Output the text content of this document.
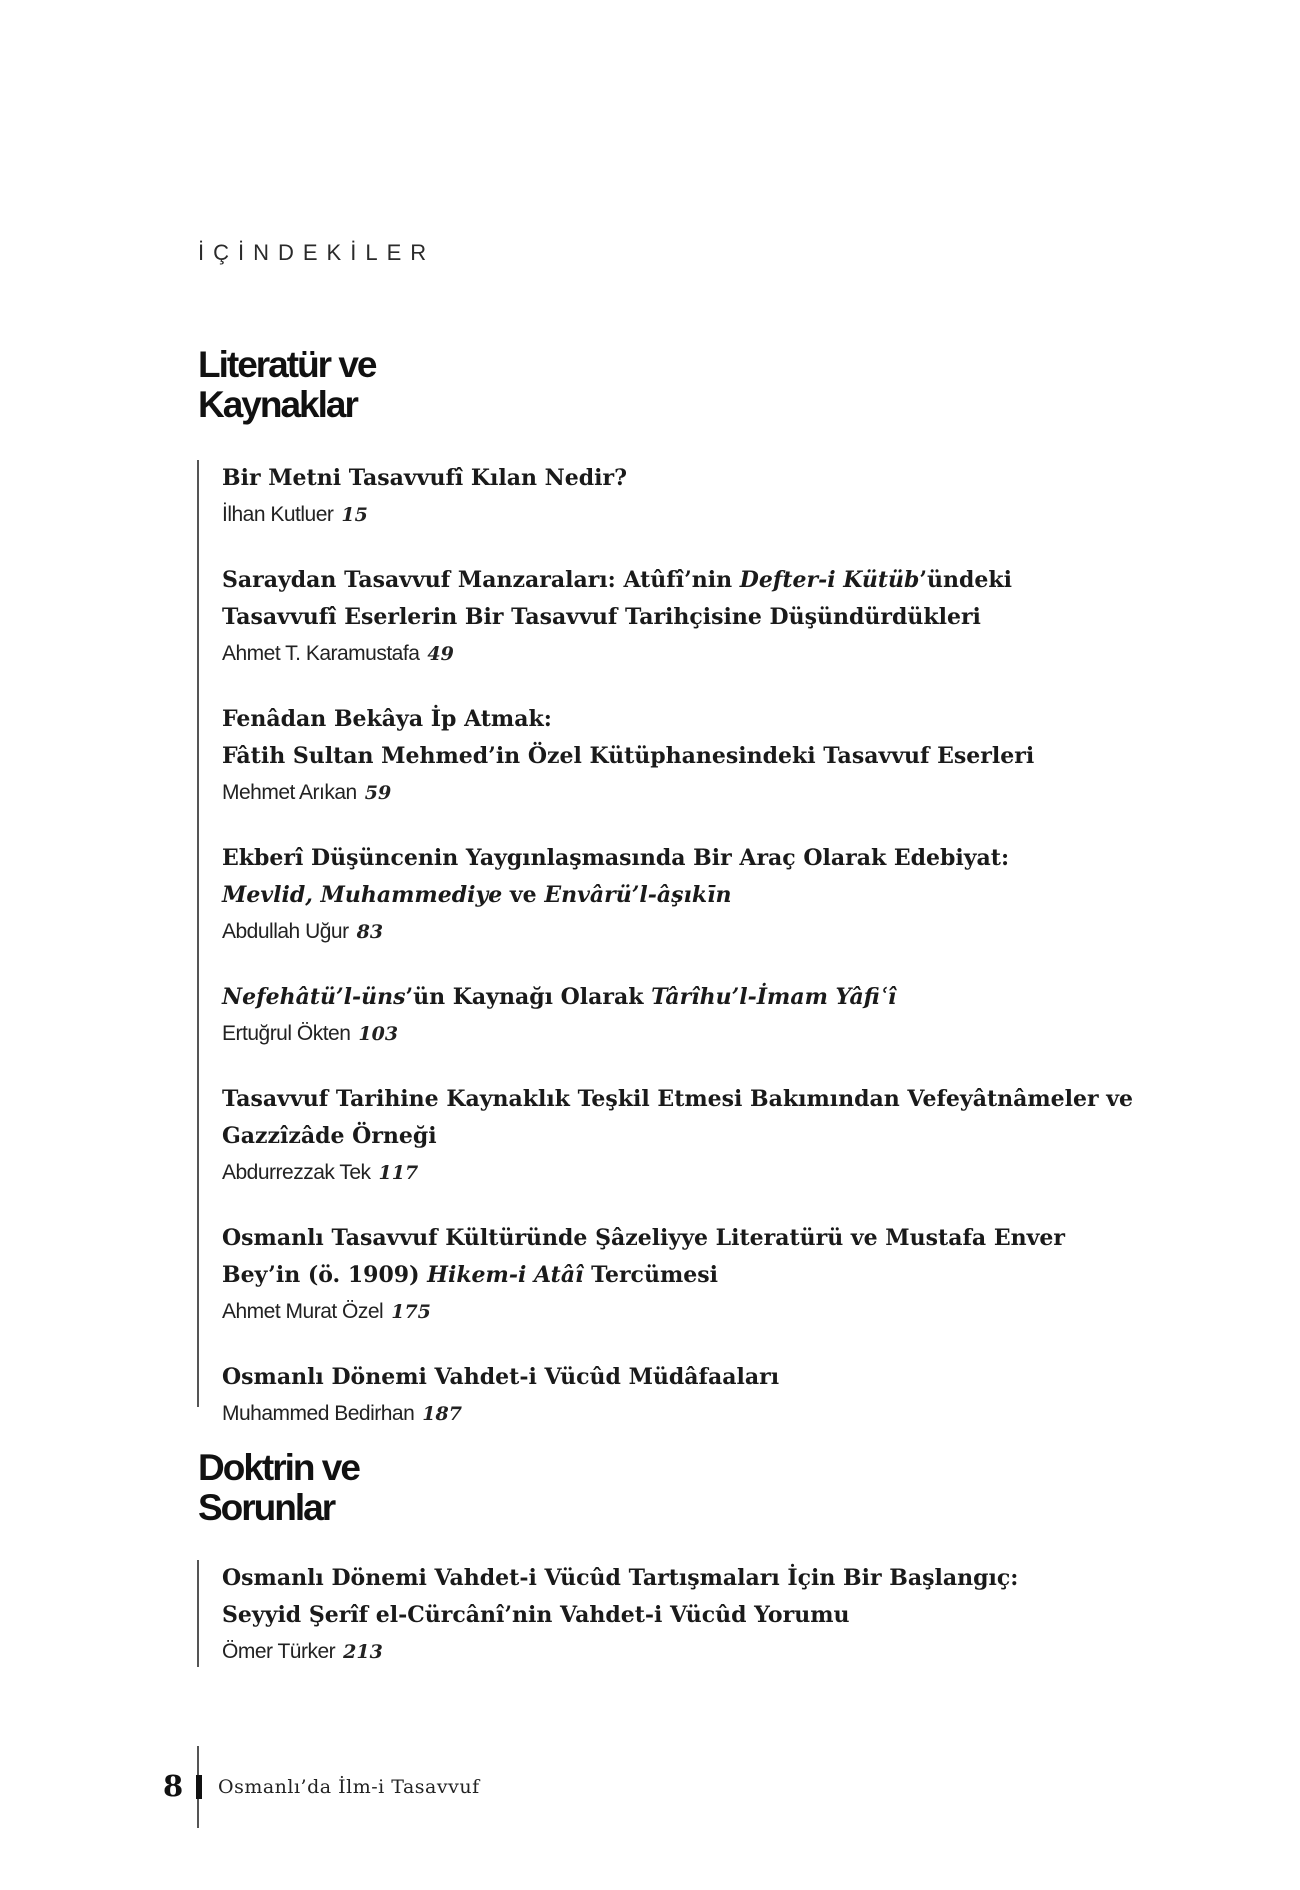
İÇİNDEKİLER
Literatür ve
Kaynaklar
Bir Metni Tasavvufî Kılan Nedir?
İlhan Kutluer 15
Saraydan Tasavvuf Manzaraları: Atûfî’nin Defter-i Kütüb’ündeki
Tasavvufî Eserlerin Bir Tasavvuf Tarihçisine Düşündürdükleri
Ahmet T. Karamustafa 49
Fenâdan Bekâya İp Atmak:
Fâtih Sultan Mehmed’in Özel Kütüphanesindeki Tasavvuf Eserleri
Mehmet Arıkan 59
Ekberî Düşüncenin Yaygınlaşmasında Bir Araç Olarak Edebiyat:
Mevlid, Muhammediye ve Envârü’l-âşıkīn
Abdullah Uğur 83
Nefehâtü’l-üns’ün Kaynağı Olarak Târîhu’l-İmam Yâfiʿî
Ertuğrul Ökten 103
Tasavvuf Tarihine Kaynaklık Teşkil Etmesi Bakımından Vefeyâtnâmeler ve
Gazzîzâde Örneği
Abdurrezzak Tek 117
Osmanlı Tasavvuf Kültüründe Şâzeliyye Literatürü ve Mustafa Enver
Bey’in (ö. 1909) Hikem-i Atâî Tercümesi
Ahmet Murat Özel 175
Osmanlı Dönemi Vahdet-i Vücûd Müdâfaaları
Muhammed Bedirhan 187
Doktrin ve
Sorunlar
Osmanlı Dönemi Vahdet-i Vücûd Tartışmaları İçin Bir Başlangıç:
Seyyid Şerîf el-Cürcânî’nin Vahdet-i Vücûd Yorumu
Ömer Türker 213
8 Osmanlı’da İlm-i Tasavvuf
